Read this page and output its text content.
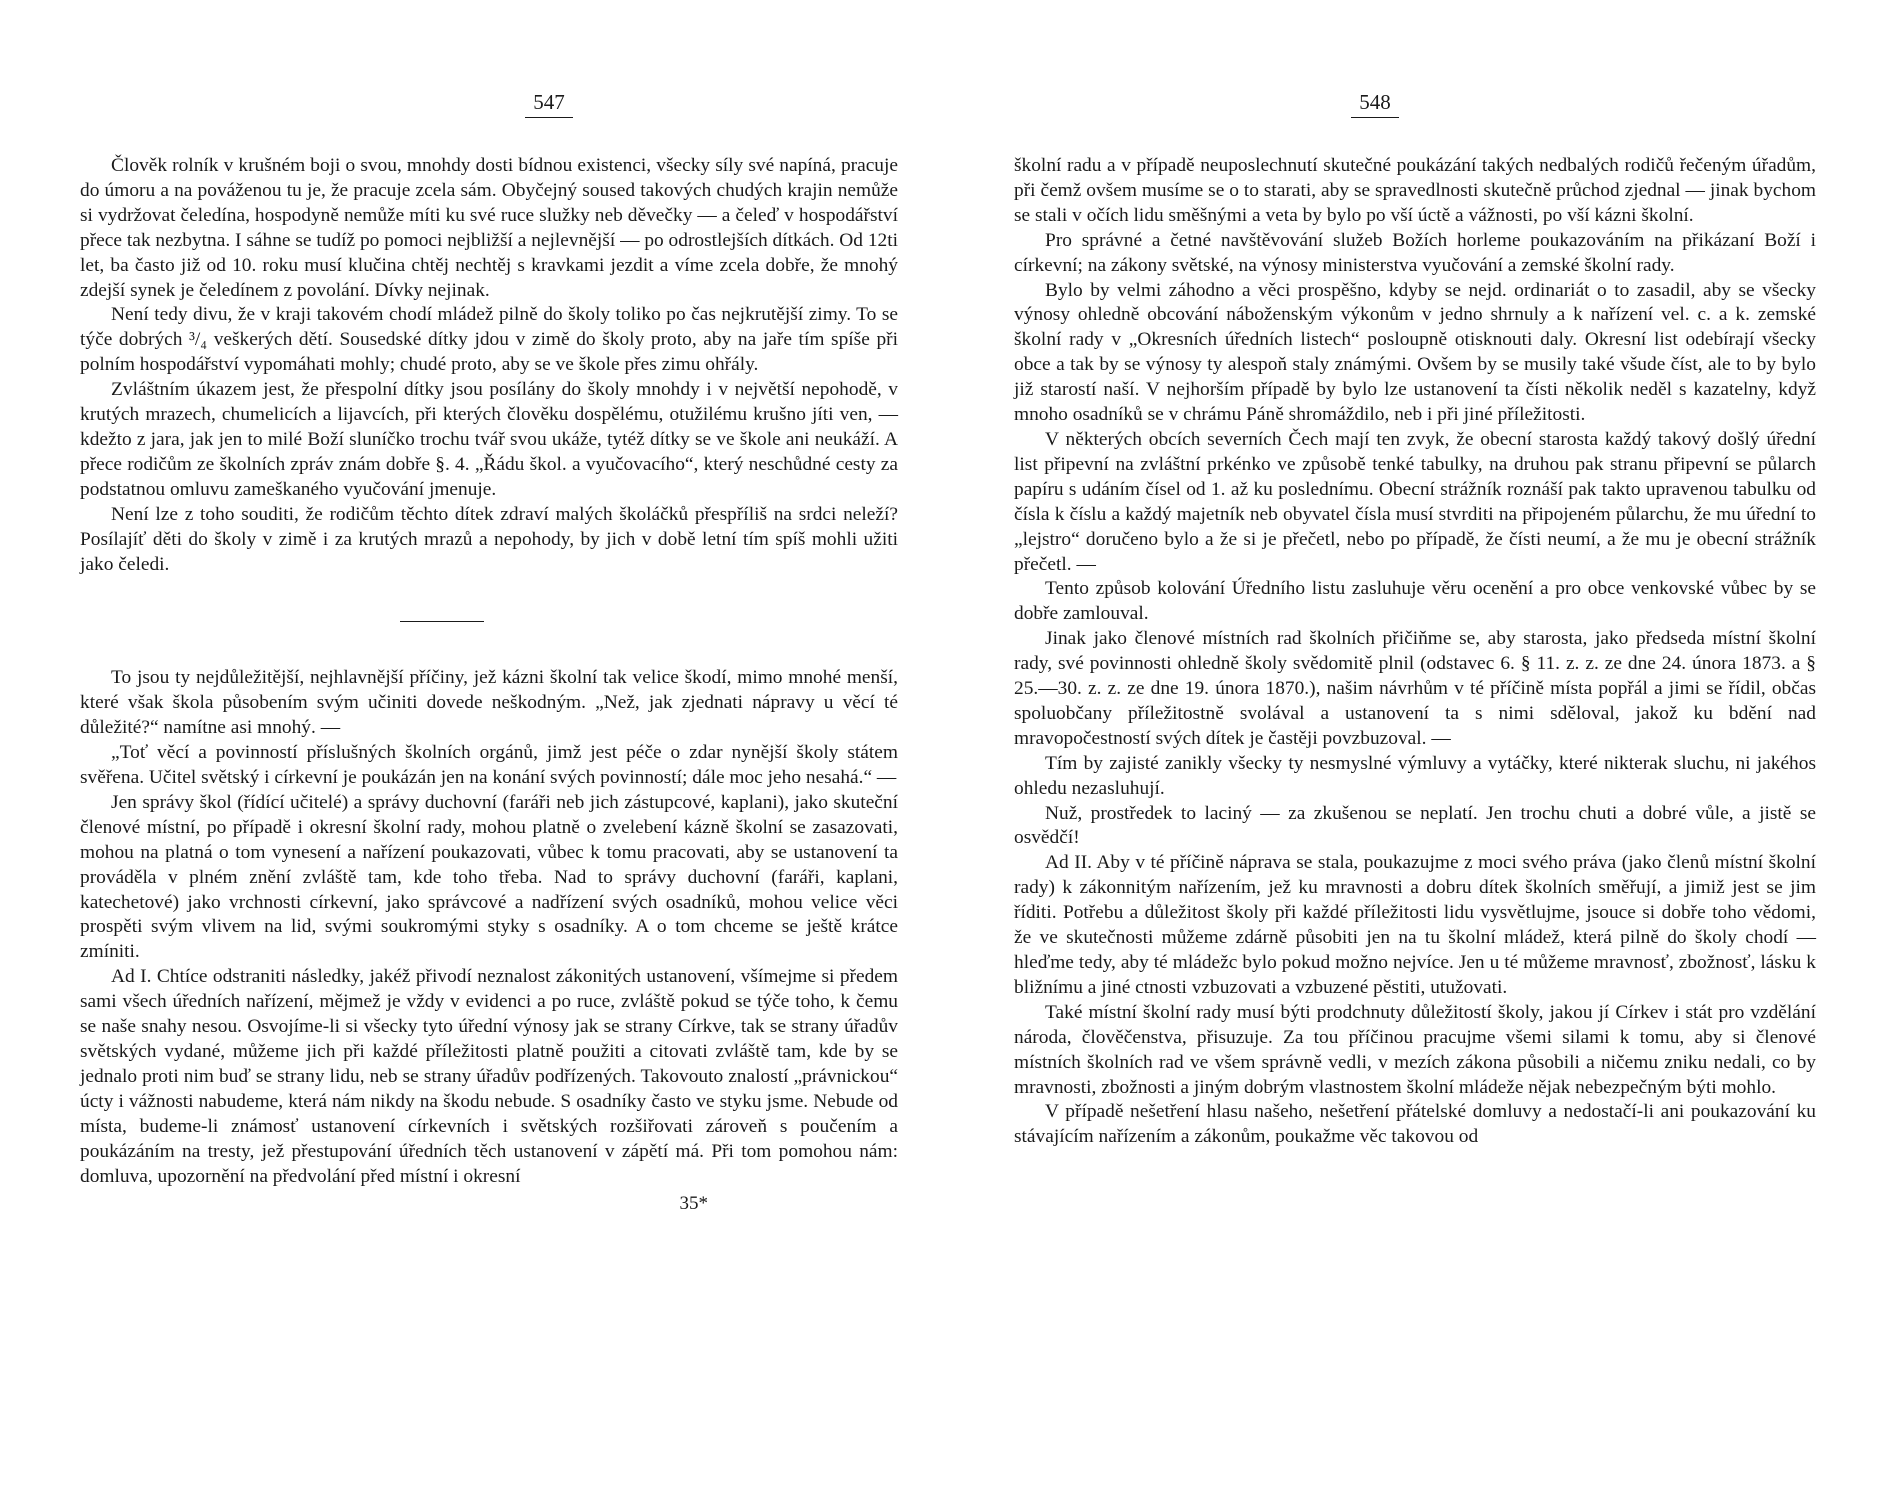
547

Člověk rolník v krušném boji o svou, mnohdy dosti bídnou existenci, všecky síly své napíná, pracuje do úmoru a na pováženou tu je, že pracuje zcela sám. Obyčejný soused takových chudých krajin nemůže si vydržovat čeledína, hospodyně nemůže míti ku své ruce služky neb děvečky — a čeleď v hospodářství přece tak nezbytna. I sáhne se tudíž po pomoci nejbližší a nejlevnější — po odrostlejších dítkách. Od 12ti let, ba často již od 10. roku musí klučina chtěj nechtěj s kravkami jezdit a víme zcela dobře, že mnohý zdejší synek je čeledínem z povolání. Dívky nejinak.

Není tedy divu, že v kraji takovém chodí mládež pilně do školy toliko po čas nejkrutější zimy. To se týče dobrých ³/₄ veškerých dětí. Sousedské dítky jdou v zimě do školy proto, aby na jaře tím spíše při polním hospodářství vypomáhati mohly; chudé proto, aby se ve škole přes zimu ohřály.

Zvláštním úkazem jest, že přespolní dítky jsou posílány do školy mnohdy i v největší nepohodě, v krutých mrazech, chumelicích a lijavcích, při kterých člověku dospělému, otužilému krušno jíti ven, — kdežto z jara, jak jen to milé Boží sluníčko trochu tvář svou ukáže, tytéž dítky se ve škole ani neukáží. A přece rodičům ze školních zpráv znám dobře §. 4. „Řádu škol. a vyučovacího“, který neschůdné cesty za podstatnou omluvu zameškaného vyučování jmenuje.

Není lze z toho souditi, že rodičům těchto dítek zdraví malých školáčků přespříliš na srdci neleží? Posílajíť děti do školy v zimě i za krutých mrazů a nepohody, by jich v době letní tím spíš mohli užiti jako čeledi.

To jsou ty nejdůležitější, nejhlavnější příčiny, jež kázni školní tak velice škodí, mimo mnohé menší, které však škola působením svým učiniti dovede neškodným. „Než, jak zjednati nápravy u věcí té důležité?“ namítne asi mnohý. —

„Toť věcí a povinností příslušných školních orgánů, jimž jest péče o zdar nynější školy státem svěřena. Učitel světský i církevní je poukázán jen na konání svých povinností; dále moc jeho nesahá.“ —

Jen správy škol (řídící učitelé) a správy duchovní (faráři neb jich zástupcové, kaplani), jako skuteční členové místní, po případě i okresní školní rady, mohou platně o zvelebení kázně školní se zasazovati, mohou na platná o tom vynesení a nařízení poukazovati, vůbec k tomu pracovati, aby se ustanovení ta prováděla v plném znění zvláště tam, kde toho třeba. Nad to správy duchovní (faráři, kaplani, katechetové) jako vrchnosti církevní, jako správcové a nadřízení svých osadníků, mohou velice věci prospěti svým vlivem na lid, svými soukromými styky s osadníky. A o tom chceme se ještě krátce zmíniti.

Ad I. Chtíce odstraniti následky, jakéž přivodí neznalost zákonitých ustanovení, všímejme si předem sami všech úředních nařízení, mějmež je vždy v evidenci a po ruce, zvláště pokud se týče toho, k čemu se naše snahy nesou. Osvojíme-li si všecky tyto úřední výnosy jak se strany Církve, tak se strany úřadův světských vydané, můžeme jich při každé příležitosti platně použiti a citovati zvláště tam, kde by se jednalo proti nim buď se strany lidu, neb se strany úřadův podřízených. Takovouto znalostí „právnickou“ úcty i vážnosti nabudeme, která nám nikdy na škodu nebude. S osadníky často ve styku jsme. Nebude od místa, budeme-li známosť ustanovení církevních i světských rozšiřovati zároveň s poučením a poukázáním na tresty, jež přestupování úředních těch ustanovení v zápětí má. Při tom pomohou nám: domluva, upozornění na předvolání před místní i okresní

35*
548

školní radu a v případě neuposlechnutí skutečné poukázání takých nedbalých rodičů řečeným úřadům, při čemž ovšem musíme se o to starati, aby se spravedlnosti skutečně průchod zjednal — jinak bychom se stali v očích lidu směšnými a veta by bylo po vší úctě a vážnosti, po vší kázni školní.

Pro správné a četné navštěvování služeb Božích horleme poukazováním na přikázaní Boží i církevní; na zákony světské, na výnosy ministerstva vyučování a zemské školní rady.

Bylo by velmi záhodno a věci prospěšno, kdyby se nejd. ordinariát o to zasadil, aby se všecky výnosy ohledně obcování náboženským výkonům v jedno shrnuly a k nařízení vel. c. a k. zemské školní rady v „Okresních úředních listech“ posloupně otisknouti daly. Okresní list odebírají všecky obce a tak by se výnosy ty alespoň staly známými. Ovšem by se musily také všude číst, ale to by bylo již starostí naší. V nejhorším případě by bylo lze ustanovení ta čísti několik neděl s kazatelny, když mnoho osadníků se v chrámu Páně shromáždilo, neb i při jiné příležitosti.

V některých obcích severních Čech mají ten zvyk, že obecní starosta každý takový došlý úřední list připevní na zvláštní prkénko ve způsobě tenké tabulky, na druhou pak stranu připevní se půlarch papíru s udáním čísel od 1. až ku poslednímu. Obecní strážník roznáší pak takto upravenou tabulku od čísla k číslu a každý majetník neb obyvatel čísla musí stvrditi na připojeném půlarchu, že mu úřední to „lejstro“ doručeno bylo a že si je přečetl, nebo po případě, že čísti neumí, a že mu je obecní strážník přečetl. —

Tento způsob kolování Úředního listu zasluhuje věru ocenění a pro obce venkovské vůbec by se dobře zamlouval.

Jinak jako členové místních rad školních přičiňme se, aby starosta, jako předseda místní školní rady, své povinnosti ohledně školy svědomitě plnil (odstavec 6. § 11. z. z. ze dne 24. února 1873. a § 25.—30. z. z. ze dne 19. února 1870.), našim návrhům v té příčině místa popřál a jimi se řídil, občas spoluobčany příležitostně svolával a ustanovení ta s nimi sděloval, jakož ku bdění nad mravopočestností svých dítek je častěji povzbuzoval. —

Tím by zajisté zanikly všecky ty nesmyslné výmluvy a vytáčky, které nikterak sluchu, ni jakéhos ohledu nezasluhují.

Nuž, prostředek to laciný — za zkušenou se neplatí. Jen trochu chuti a dobré vůle, a jistě se osvědčí!

Ad II. Aby v té příčině náprava se stala, poukazujme z moci svého práva (jako členů místní školní rady) k zákonnitým nařízením, jež ku mravnosti a dobru dítek školních směřují, a jimiž jest se jim říditi. Potřebu a důležitost školy při každé příležitosti lidu vysvětlujme, jsouce si dobře toho vědomi, že ve skutečnosti můžeme zdárně působiti jen na tu školní mládež, která pilně do školy chodí — hleďme tedy, aby té mládežc bylo pokud možno nejvíce. Jen u té můžeme mravnosť, zbožnosť, lásku k bližnímu a jiné ctnosti vzbuzovati a vzbuzené pěstiti, utužovati.

Také místní školní rady musí býti prodchnuty důležitostí školy, jakou jí Církev i stát pro vzdělání národa, člověčenstva, přisuzuje. Za tou příčinou pracujme všemi silami k tomu, aby si členové místních školních rad ve všem správně vedli, v mezích zákona působili a ničemu zniku nedali, co by mravnosti, zbožnosti a jiným dobrým vlastnostem školní mládeže nějak nebezpečným býti mohlo.

V případě nešetření hlasu našeho, nešetření přátelské domluvy a nedostačí-li ani poukazování ku stávajícím nařízením a zákonům, poukažme věc takovou od
